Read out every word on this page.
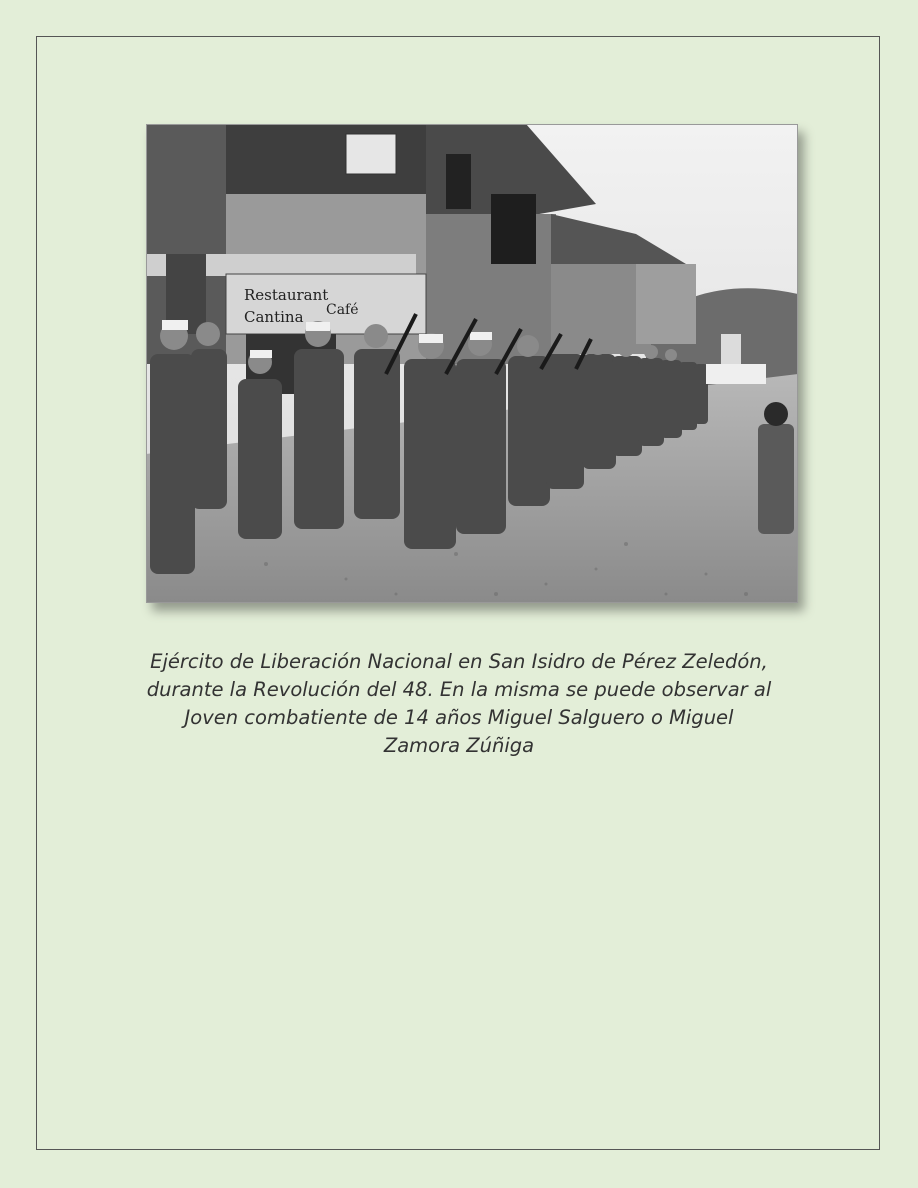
Restaurant
Cantina Café

Ejército de Liberación Nacional en San Isidro de Pérez Zeledón,
durante la Revolución del 48. En la misma se puede observar al
Joven combatiente de 14 años Miguel Salguero o Miguel
Zamora Zúñiga
